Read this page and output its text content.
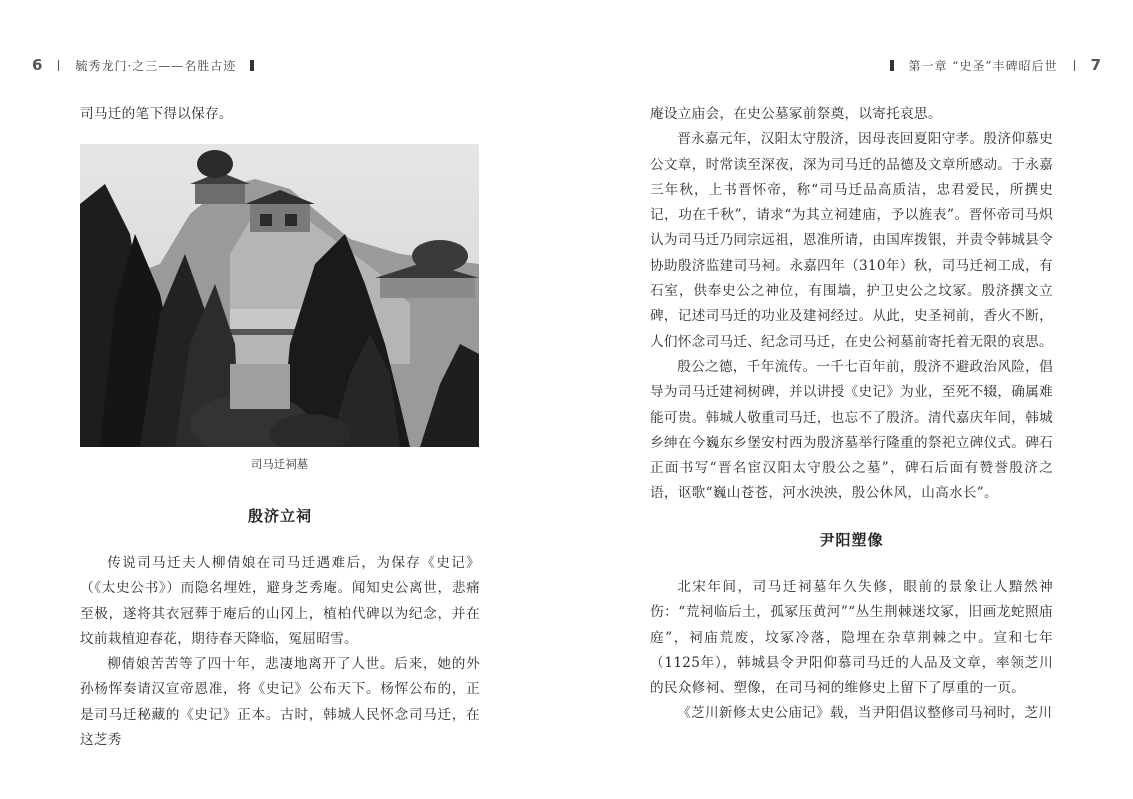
6	毓秀龙门·之三——名胜古迹

司马迁的笔下得以保存。

司马迁祠墓
殷济立祠

传说司马迁夫人柳倩娘在司马迁遇难后，为保存《史记》（《太史公书》）而隐名埋姓，避身芝秀庵。闻知史公离世，悲痛至极，遂将其衣冠葬于庵后的山冈上，植柏代碑以为纪念，并在坟前栽植迎春花，期待春天降临，冤屈昭雪。

柳倩娘苦苦等了四十年，悲凄地离开了人世。后来，她的外孙杨恽奏请汉宣帝恩准，将《史记》公布天下。杨恽公布的，正是司马迁秘藏的《史记》正本。古时，韩城人民怀念司马迁，在这芝秀

第一章 “史圣”丰碑昭后世 7

庵设立庙会，在史公墓冢前祭奠，以寄托哀思。

晋永嘉元年，汉阳太守殷济，因母丧回夏阳守孝。殷济仰慕史公文章，时常读至深夜，深为司马迁的品德及文章所感动。于永嘉三年秋，上书晋怀帝，称“司马迁品高质洁，忠君爱民，所撰史记，功在千秋”，请求“为其立祠建庙，予以旌表”。晋怀帝司马炽认为司马迁乃同宗远祖，恩准所请，由国库拨银，并责令韩城县令协助殷济监建司马祠。永嘉四年（310年）秋，司马迁祠工成，有石室，供奉史公之神位，有围墙，护卫史公之坟冢。殷济撰文立碑，记述司马迁的功业及建祠经过。从此，史圣祠前，香火不断，人们怀念司马迁、纪念司马迁，在史公祠墓前寄托着无限的哀思。

殷公之德，千年流传。一千七百年前，殷济不避政治风险，倡导为司马迁建祠树碑，并以讲授《史记》为业，至死不辍，确属难能可贵。韩城人敬重司马迁，也忘不了殷济。清代嘉庆年间，韩城乡绅在今巍东乡堡安村西为殷济墓举行隆重的祭祀立碑仪式。碑石正面书写“晋名宦汉阳太守殷公之墓”，碑石后面有赞誉殷济之语，讴歌“巍山苍苍，河水泱泱，殷公休风，山高水长”。

尹阳塑像

北宋年间，司马迁祠墓年久失修，眼前的景象让人黯然神伤：“荒祠临后土，孤冢压黄河”“丛生荆棘迷坟冢，旧画龙蛇照庙庭”，祠庙荒废，坟冢冷落，隐埋在杂草荆棘之中。宣和七年（1125年），韩城县令尹阳仰慕司马迁的人品及文章，率领芝川的民众修祠、塑像，在司马祠的维修史上留下了厚重的一页。

《芝川新修太史公庙记》载，当尹阳倡议整修司马祠时，芝川
